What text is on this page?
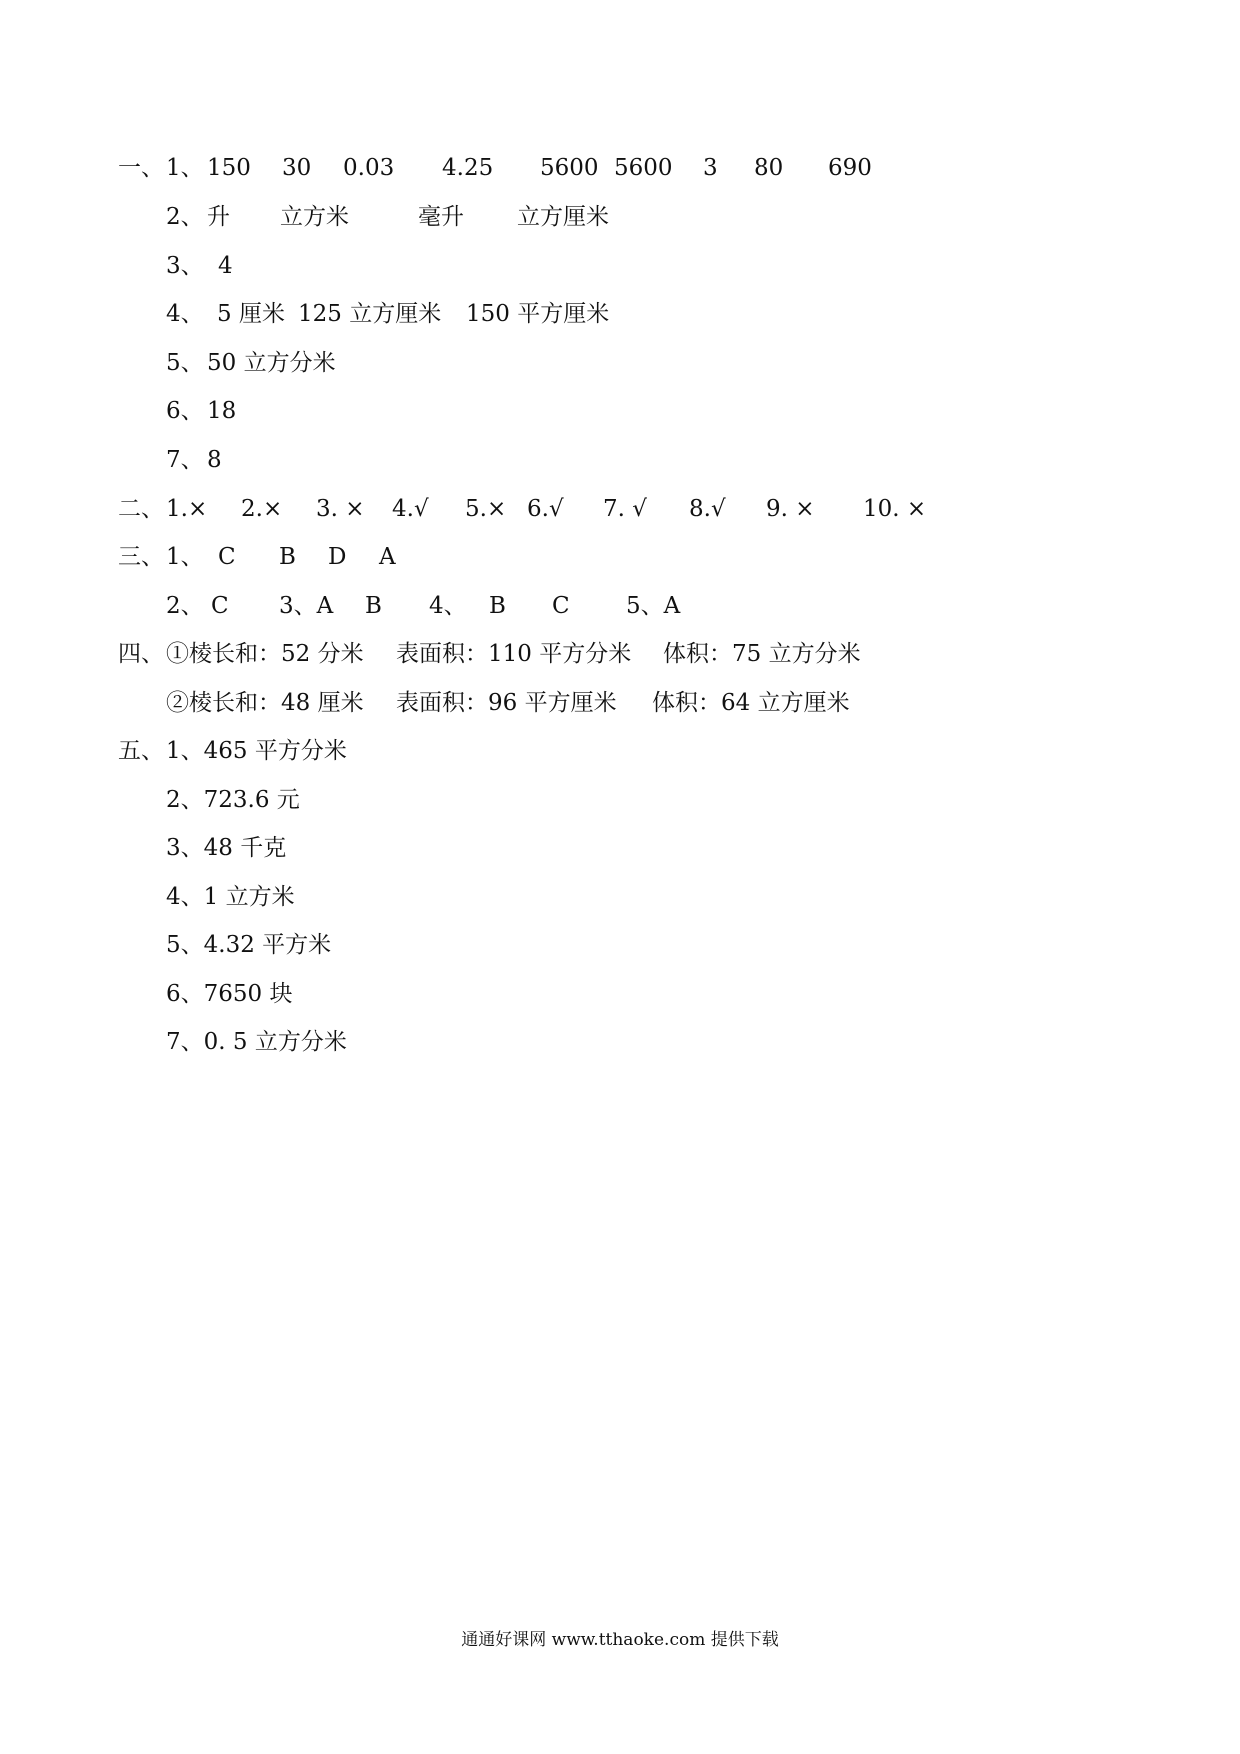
一、 1、 150 30 0.03 4.25 5600 5600 3 80 690
2、 升 立方米	毫升 立方厘米
3、 4
4、 5 厘米 125 立方厘米 150 平方厘米
5、 50 立方分米
6、 18
7、 8
二、 1.× 2.× 3. × 4.√ 5.× 6.√ 7. √ 8.√ 9. × 10. ×
三、 1、 C B D A
2、 C 3、A B 4、 B C 5、A
四、 ①棱长和：52 分米 表面积：110 平方分米 体积：75 立方分米
②棱长和：48 厘米 表面积：96 平方厘米 体积：64 立方厘米
五、 1、465 平方分米
2、723.6 元
3、48 千克
4、1 立方米
5、4.32 平方米
6、7650 块
7、0. 5 立方分米
通通好课网 www.tthaoke.com 提供下载
